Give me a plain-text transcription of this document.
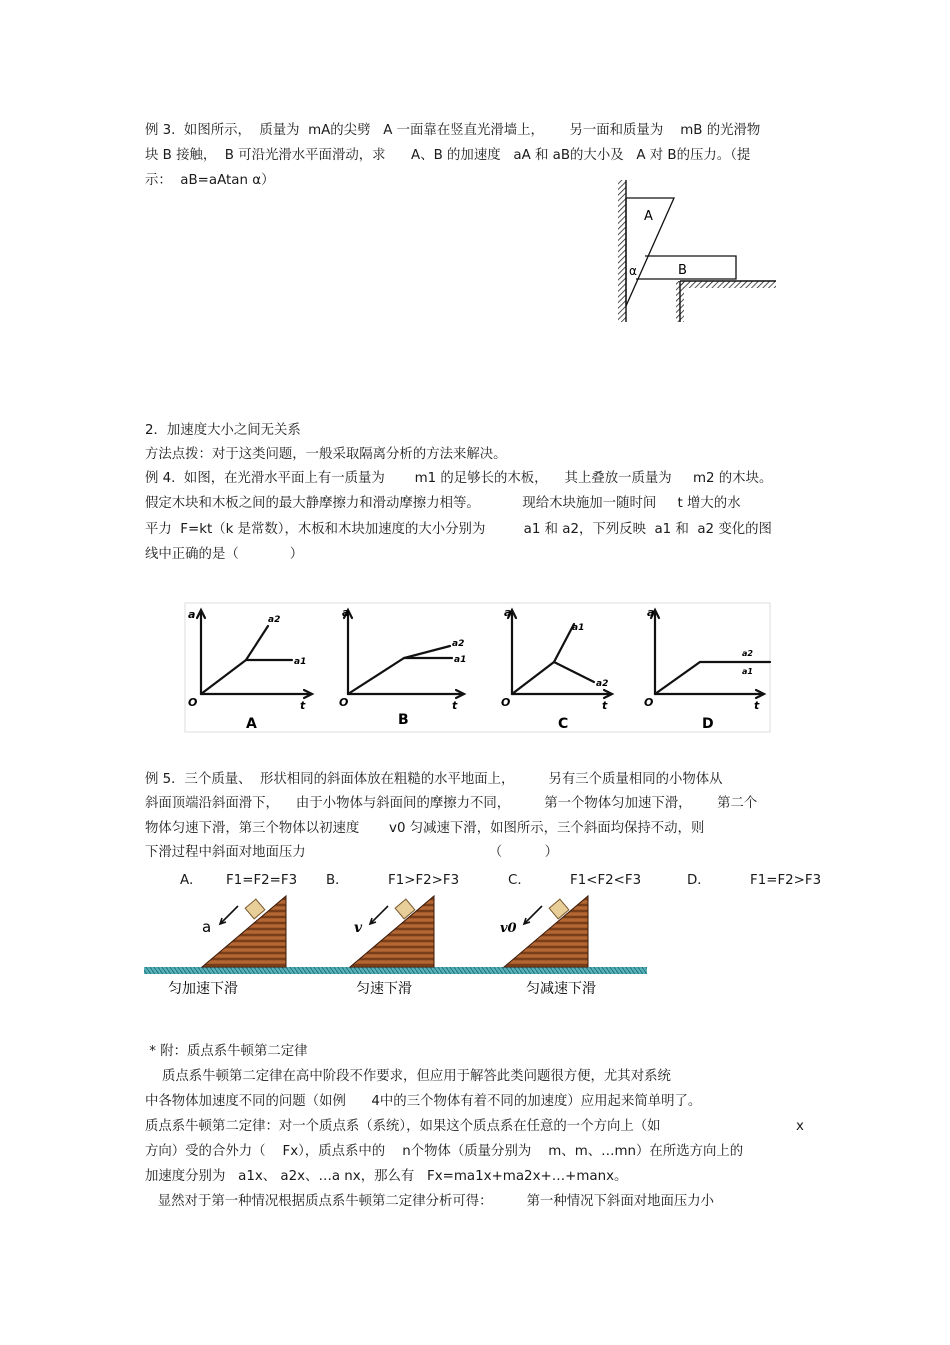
例 3.  如图所示，  质量为  mA的尖劈   A 一面靠在竖直光滑墙上，      另一面和质量为    mB 的光滑物
块 B 接触，  B 可沿光滑水平面滑动，求      A、B 的加速度   aA 和 aB的大小及   A 对 B的压力。（提
示：  aB=aAtan α）
A
B
α
2．加速度大小之间无关系
方法点拨：对于这类问题，一般采取隔离分析的方法来解决。
例 4.  如图，在光滑水平面上有一质量为       m1 的足够长的木板，    其上叠放一质量为     m2 的木块。
假定木块和木板之间的最大静摩擦力和滑动摩擦力相等。          现给木块施加一随时间     t 增大的水
平力  F=kt（k 是常数），木板和木块加速度的大小分别为         a1 和 a2，下列反映  a1 和  a2 变化的图
线中正确的是（            ）
a
t
O
a2
a1
a
t
O
a2
a1
a
t
O
a1
a2
a
t
O
a2
a1
A	B	C	D
例 5．三个质量、  形状相同的斜面体放在粗糙的水平地面上，        另有三个质量相同的小物体从
斜面顶端沿斜面滑下，    由于小物体与斜面间的摩擦力不同，        第一个物体匀加速下滑，      第二个
物体匀速下滑，第三个物体以初速度       v0 匀减速下滑，如图所示，三个斜面均保持不动，则
下滑过程中斜面对地面压力                                           （          ）
A． F1=F2=F3 B．	F1>F2>F3	C．	F1<F2<F3	D．	F1=F2>F3
a	v	v0
匀加速下滑	匀速下滑	匀减速下滑
* 附：质点系牛顿第二定律
质点系牛顿第二定律在高中阶段不作要求，但应用于解答此类问题很方便，尤其对系统
中各物体加速度不同的问题（如例      4中的三个物体有着不同的加速度）应用起来简单明了。
质点系牛顿第二定律：对一个质点系（系统），如果这个质点系在任意的一个方向上（如	x
方向）受的合外力（    Fx），质点系中的    n个物体（质量分别为    m、m、…mn）在所选方向上的
加速度分别为   a1x、 a2x、…a nx，那么有   Fx=ma1x+ma2x+…+manx。
显然对于第一种情况根据质点系牛顿第二定律分析可得：        第一种情况下斜面对地面压力小
